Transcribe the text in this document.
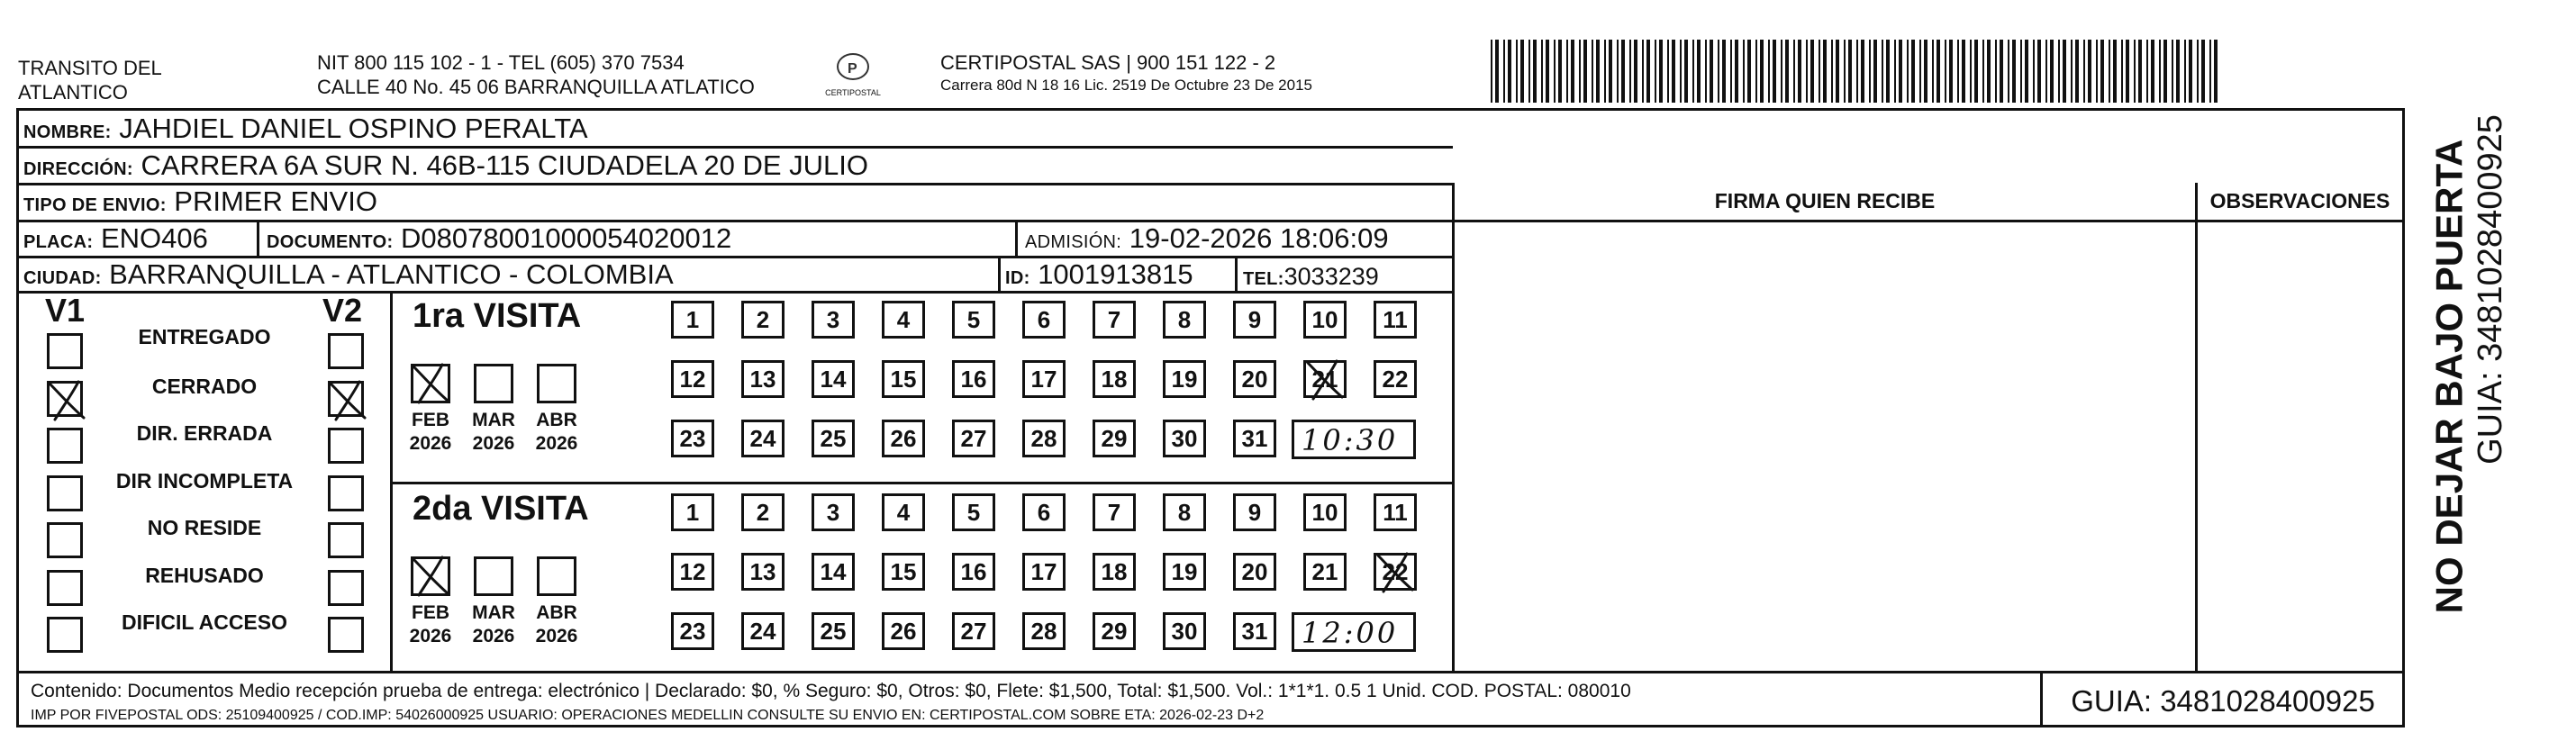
TRANSITO DEL
ATLANTICO
NIT 800 115 102 - 1 - TEL (605) 370 7534
CALLE 40 No. 45 06 BARRANQUILLA ATLATICO
P
CERTIPOSTAL
CERTIPOSTAL SAS | 900 151 122 - 2
Carrera 80d N 18 16 Lic. 2519 De Octubre 23 De 2015
NOMBRE: JAHDIEL DANIEL OSPINO PERALTA
DIRECCIÓN: CARRERA 6A SUR N. 46B-115 CIUDADELA 20 DE JULIO
TIPO DE ENVIO: PRIMER ENVIO
PLACA: ENO406	DOCUMENTO: D08078001000054020012	ADMISIÓN: 19-02-2026 18:06:09
CIUDAD: BARRANQUILLA - ATLANTICO - COLOMBIA	ID: 1001913815	TEL:3033239
FIRMA QUIEN RECIBE	OBSERVACIONES
V1	V2
ENTREGADO
CERRADO
DIR. ERRADA
DIR INCOMPLETA
NO RESIDE
REHUSADO
DIFICIL ACCESO
1ra VISITA
FEB
2026
MAR
2026
ABR
2026
1	2	3	4	5	6	7	8	9	10	11
12	13	14	15	16	17	18	19	20	21	22
23	24	25	26	27	28	29	30	31 10:30
2da VISITA
FEB
2026
MAR
2026
ABR
2026
1	2	3	4	5	6	7	8	9	10	11
12	13	14	15	16	17	18	19	20	21	22
23	24	25	26	27	28	29	30	31 12:00
NO DEJAR BAJO PUERTA GUIA: 3481028400925
Contenido: Documentos Medio recepción prueba de entrega: electrónico | Declarado: $0, % Seguro: $0, Otros: $0, Flete: $1,500, Total: $1,500. Vol.: 1*1*1. 0.5 1 Unid. COD. POSTAL: 080010
IMP POR FIVEPOSTAL ODS: 25109400925 / COD.IMP: 54026000925 USUARIO: OPERACIONES MEDELLIN CONSULTE SU ENVIO EN: CERTIPOSTAL.COM SOBRE ETA: 2026-02-23 D+2	GUIA: 3481028400925
